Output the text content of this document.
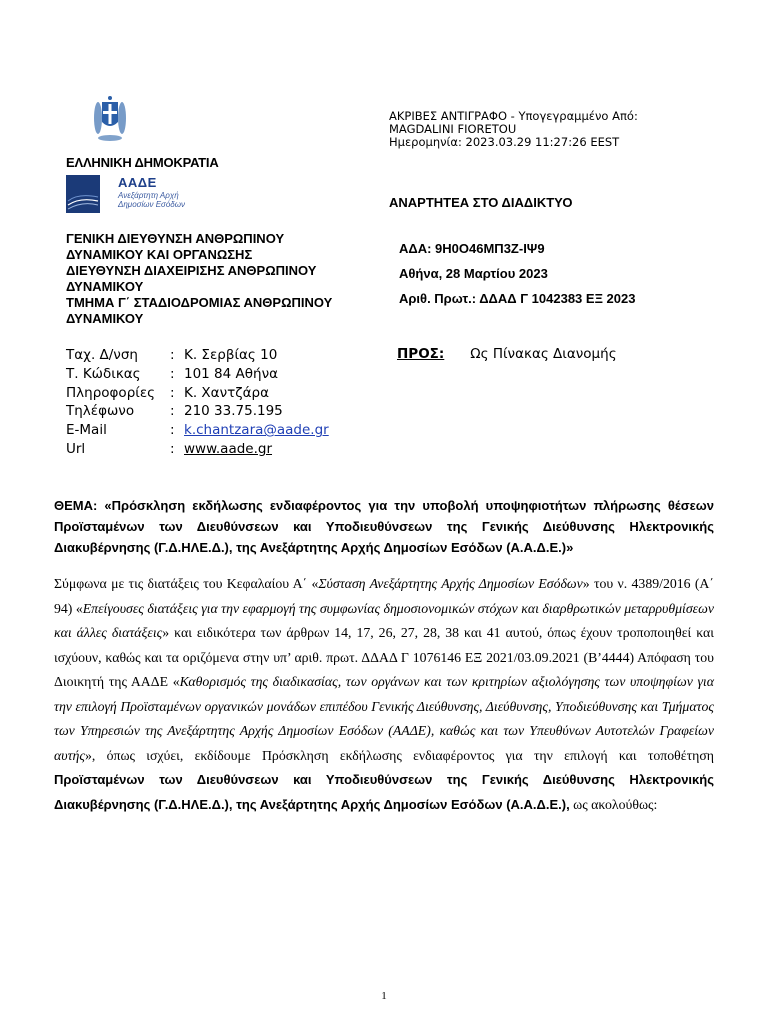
ΑΚΡΙΒΕΣ ΑΝΤΙΓΡΑΦΟ - Υπογεγραμμένο Από:
MAGDALINI FIORETOU
Ημερομηνία: 2023.03.29 11:27:26 EEST
ΕΛΛΗΝΙΚΗ ΔΗΜΟΚΡΑΤΙΑ
ΑΑΔΕ
Ανεξάρτητη Αρχή
Δημοσίων Εσόδων	ΑΝΑΡΤΗΤΕΑ ΣΤΟ ΔΙΑΔΙΚΤΥΟ
ΓΕΝΙΚΗ ΔΙΕΥΘΥΝΣΗ ΑΝΘΡΩΠΙΝΟΥ
ΔΥΝΑΜΙΚΟΥ ΚΑΙ ΟΡΓΑΝΩΣΗΣ
ΔΙΕΥΘΥΝΣΗ ΔΙΑΧΕΙΡΙΣΗΣ ΑΝΘΡΩΠΙΝΟΥ
ΔΥΝΑΜΙΚΟΥ
ΤΜΗΜΑ Γ΄ ΣΤΑΔΙΟΔΡΟΜΙΑΣ ΑΝΘΡΩΠΙΝΟΥ
ΔΥΝΑΜΙΚΟΥ
ΑΔΑ: 9Η0Ο46ΜΠ3Ζ-ΙΨ9
Αθήνα, 28 Μαρτίου 2023
Αριθ. Πρωτ.: ΔΔΑΔ Γ 1042383 ΕΞ 2023
Ταχ. Δ/νση	: Κ. Σερβίας 10
Τ. Κώδικας	: 101 84 Αθήνα
Πληροφορίες	: Κ. Χαντζάρα
Τηλέφωνο	: 210 33.75.195
E-Mail	: k.chantzara@aade.gr
Url	: www.aade.gr
ΠΡΟΣ: Ως Πίνακας Διανομής
ΘΕΜΑ: «Πρόσκληση εκδήλωσης ενδιαφέροντος για την υποβολή υποψηφιοτήτων πλήρωσης θέσεων Προϊσταμένων των Διευθύνσεων και Υποδιευθύνσεων της Γενικής Διεύθυνσης Ηλεκτρονικής Διακυβέρνησης (Γ.Δ.ΗΛΕ.Δ.), της Ανεξάρτητης Αρχής Δημοσίων Εσόδων (Α.Α.Δ.Ε.)»
Σύμφωνα με τις διατάξεις του Κεφαλαίου Α΄ «Σύσταση Ανεξάρτητης Αρχής Δημοσίων Εσόδων» του ν. 4389/2016 (Α΄ 94) «Επείγουσες διατάξεις για την εφαρμογή της συμφωνίας δημοσιονομικών στόχων και διαρθρωτικών μεταρρυθμίσεων και άλλες διατάξεις» και ειδικότερα των άρθρων 14, 17, 26, 27, 28, 38 και 41 αυτού, όπως έχουν τροποποιηθεί και ισχύουν, καθώς και τα οριζόμενα στην υπ’ αριθ. πρωτ. ΔΔΑΔ Γ 1076146 ΕΞ 2021/03.09.2021 (Β’4444) Απόφαση του Διοικητή της ΑΑΔΕ «Καθορισμός της διαδικασίας, των οργάνων και των κριτηρίων αξιολόγησης των υποψηφίων για την επιλογή Προϊσταμένων οργανικών μονάδων επιπέδου Γενικής Διεύθυνσης, Διεύθυνσης, Υποδιεύθυνσης και Τμήματος των Υπηρεσιών της Ανεξάρτητης Αρχής Δημοσίων Εσόδων (ΑΑΔΕ), καθώς και των Υπευθύνων Αυτοτελών Γραφείων αυτής», όπως ισχύει, εκδίδουμε Πρόσκληση εκδήλωσης ενδιαφέροντος για την επιλογή και τοποθέτηση Προϊσταμένων των Διευθύνσεων και Υποδιευθύνσεων της Γενικής Διεύθυνσης Ηλεκτρονικής Διακυβέρνησης (Γ.Δ.ΗΛΕ.Δ.), της Ανεξάρτητης Αρχής Δημοσίων Εσόδων (Α.Α.Δ.Ε.), ως ακολούθως:
1
